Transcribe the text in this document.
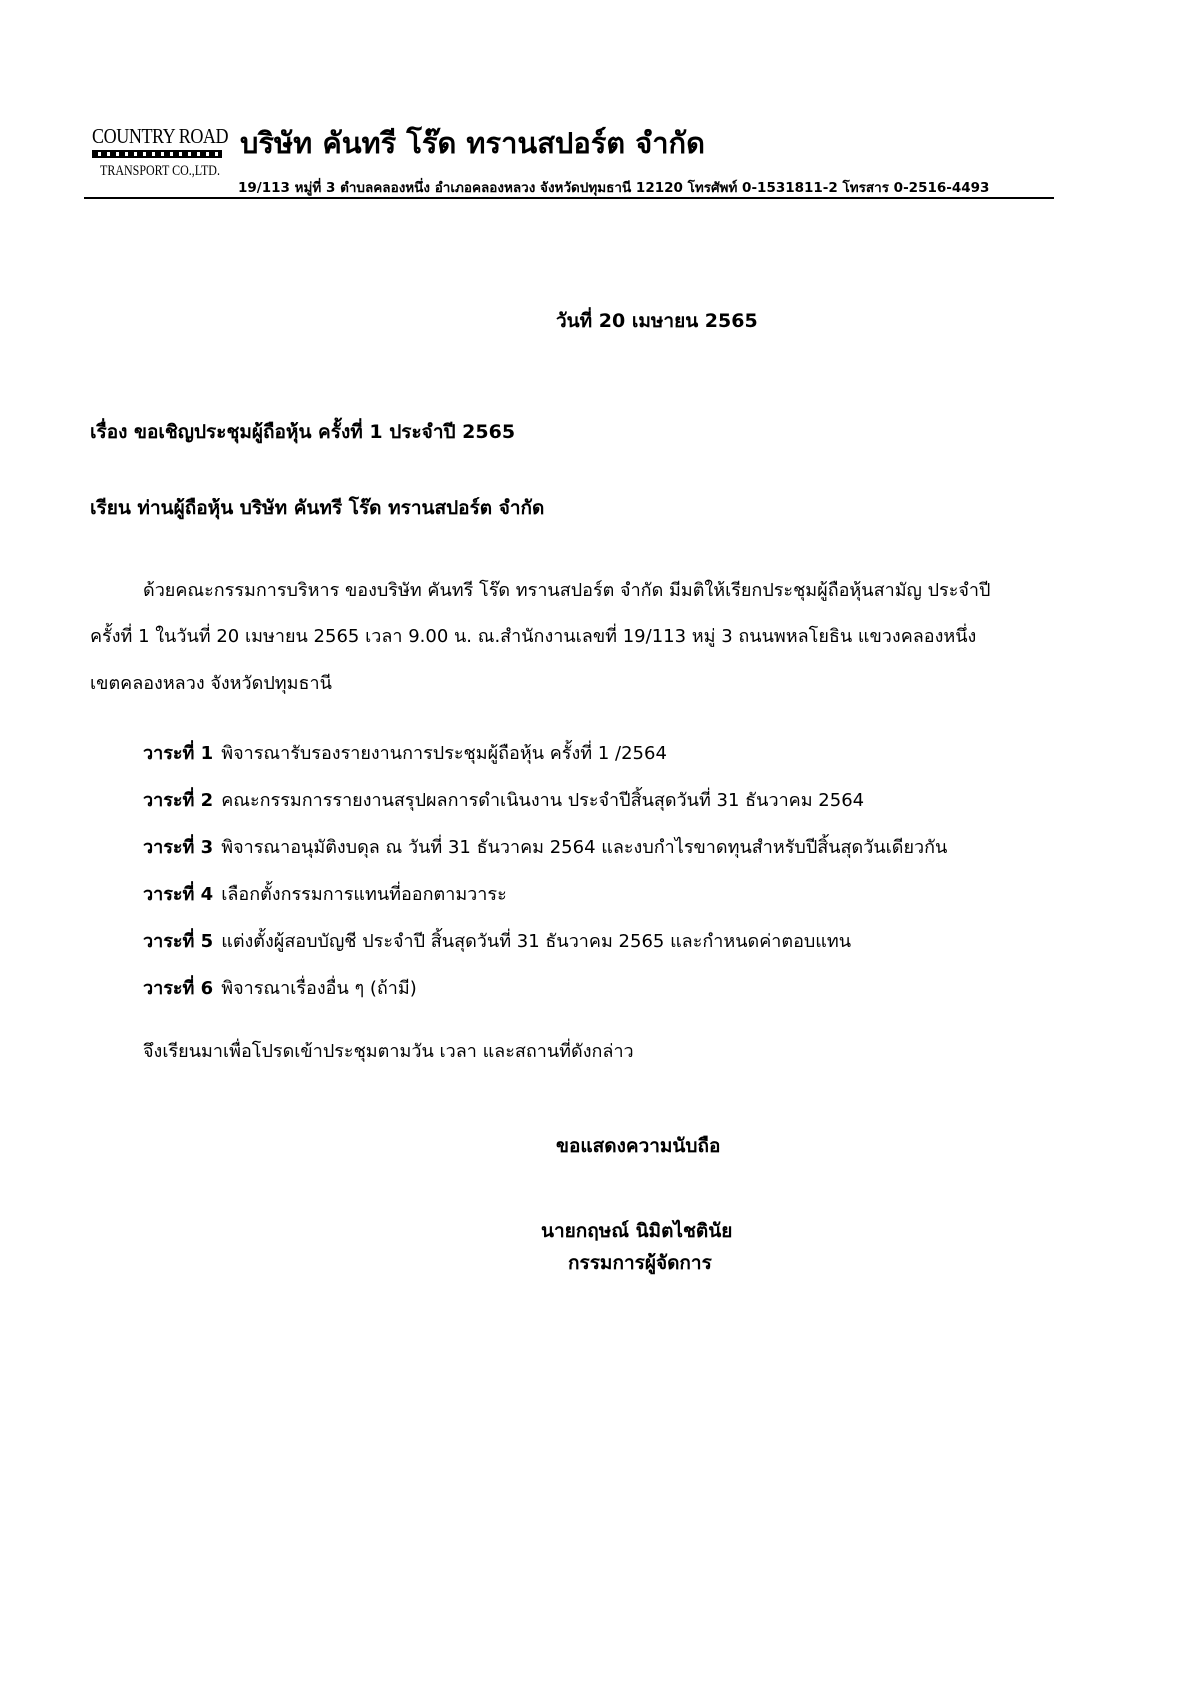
COUNTRY ROAD
TRANSPORT CO.,LTD.
บริษัท คันทรี โร๊ด ทรานสปอร์ต จำกัด
19/113 หมู่ที่ 3 ตำบลคลองหนึ่ง อำเภอคลองหลวง จังหวัดปทุมธานี 12120 โทรศัพท์ 0-1531811-2 โทรสาร 0-2516-4493
วันที่ 20 เมษายน 2565
เรื่อง ขอเชิญประชุมผู้ถือหุ้น ครั้งที่ 1 ประจำปี 2565
เรียน ท่านผู้ถือหุ้น บริษัท คันทรี โร๊ด ทรานสปอร์ต จำกัด
ด้วยคณะกรรมการบริหาร ของบริษัท คันทรี โร๊ด ทรานสปอร์ต จำกัด มีมติให้เรียกประชุมผู้ถือหุ้นสามัญ ประจำปี
ครั้งที่ 1 ในวันที่ 20 เมษายน 2565 เวลา 9.00 น. ณ.สำนักงานเลขที่ 19/113 หมู่ 3 ถนนพหลโยธิน แขวงคลองหนึ่ง
เขตคลองหลวง จังหวัดปทุมธานี
วาระที่ 1 พิจารณารับรองรายงานการประชุมผู้ถือหุ้น ครั้งที่ 1 /2564
วาระที่ 2 คณะกรรมการรายงานสรุปผลการดำเนินงาน ประจำปีสิ้นสุดวันที่ 31 ธันวาคม 2564
วาระที่ 3 พิจารณาอนุมัติงบดุล ณ วันที่ 31 ธันวาคม 2564 และงบกำไรขาดทุนสำหรับปีสิ้นสุดวันเดียวกัน
วาระที่ 4 เลือกตั้งกรรมการแทนที่ออกตามวาระ
วาระที่ 5 แต่งตั้งผู้สอบบัญชี ประจำปี สิ้นสุดวันที่ 31 ธันวาคม 2565 และกำหนดค่าตอบแทน
วาระที่ 6 พิจารณาเรื่องอื่น ๆ (ถ้ามี)
จึงเรียนมาเพื่อโปรดเข้าประชุมตามวัน เวลา และสถานที่ดังกล่าว
ขอแสดงความนับถือ
นายกฤษณ์ นิมิตไชตินัย
กรรมการผู้จัดการ
